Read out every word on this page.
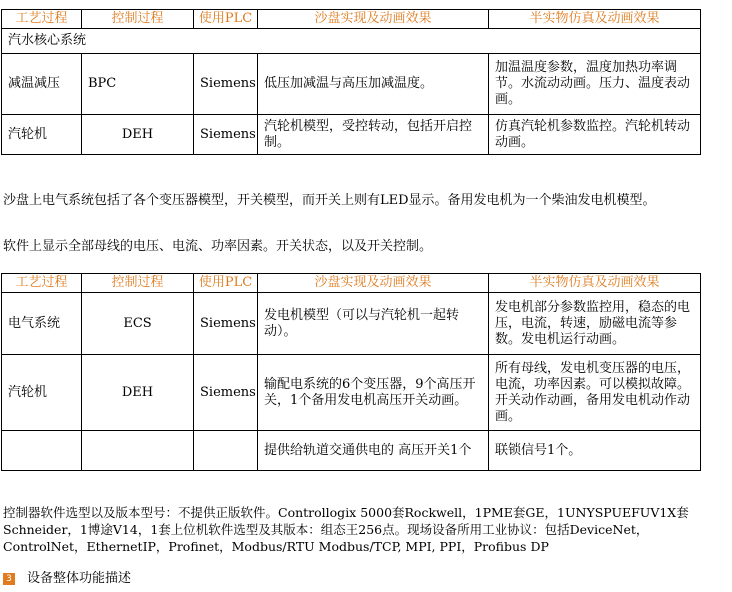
工艺过程	控制过程	使用PLC	沙盘实现及动画效果	半实物仿真及动画效果
汽水核心系统				
减温减压	BPC	Siemens	低压加减温与高压加减温度。	加温温度参数，温度加热功率调节。水流动动画。压力、温度表动画。
汽轮机	DEH	Siemens	汽轮机模型，受控转动，包括开启控制。	仿真汽轮机参数监控。汽轮机转动动画。

沙盘上电气系统包括了各个变压器模型，开关模型，而开关上则有LED显示。备用发电机为一个柴油发电机模型。

软件上显示全部母线的电压、电流、功率因素。开关状态，以及开关控制。

工艺过程	控制过程	使用PLC	沙盘实现及动画效果	半实物仿真及动画效果
电气系统	ECS	Siemens	发电机模型（可以与汽轮机一起转动）。	发电机部分参数监控用，稳态的电压，电流，转速，励磁电流等参数。发电机运行动画。
汽轮机	DEH	Siemens	输配电系统的6个变压器，9个高压开关，1个备用发电机高压开关动画。	所有母线，发电机变压器的电压，电流，功率因素。可以模拟故障。开关动作动画，备用发电机动作动画。
			提供给轨道交通供电的 高压开关1个	联锁信号1个。

控制器软件选型以及版本型号：不提供正版软件。Controllogix 5000套Rockwell，1PME套GE，1UNYSPUEFUV1X套Schneider，1博途V14，1套上位机软件选型及其版本：组态王256点。现场设备所用工业协议：包括DeviceNet，ControlNet，EthernetIP，Profinet，Modbus/RTU Modbus/TCP, MPI, PPI，Profibus DP

3 设备整体功能描述
